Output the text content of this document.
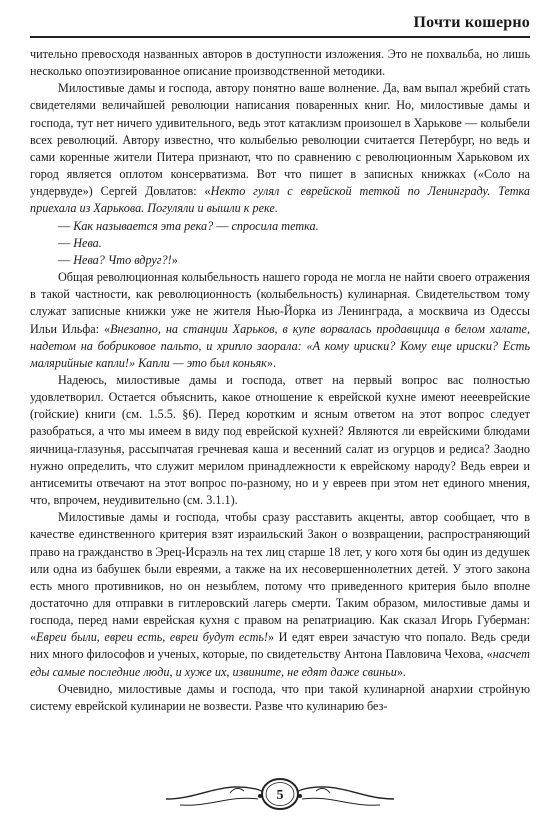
Почти кошерно

чительно превосходя названных авторов в доступности изложения. Это не похвальба, но лишь несколько опоэтизированное описание производственной методики.

Милостивые дамы и господа, автору понятно ваше волнение. Да, вам выпал жребий стать свидетелями величайшей революции написания поваренных книг. Но, милостивые дамы и господа, тут нет ничего удивительного, ведь этот катаклизм произошел в Харькове — колыбели всех революций. Автору известно, что колыбелью революции считается Петербург, но ведь и сами коренные жители Питера признают, что по сравнению с революционным Харьковом их город является оплотом консерватизма. Вот что пишет в записных книжках («Соло на ундервуде») Сергей Довлатов: «Некто гулял с еврейской теткой по Ленинграду. Тетка приехала из Харькова. Погуляли и вышли к реке.

— Как называется эта река? — спросила тетка.

— Нева.

— Нева? Что вдруг?!»

Общая революционная колыбельность нашего города не могла не найти своего отражения в такой частности, как революционность (колыбельность) кулинарная. Свидетельством тому служат записные книжки уже не жителя Нью-Йорка из Ленинграда, а москвича из Одессы Ильи Ильфа: «Внезапно, на станции Харьков, в купе ворвалась продавщица в белом халате, надетом на бобриковое пальто, и хриплo заорала: «А кому ириски? Кому еще ириски? Есть малярийные капли!» Капли — это был коньяк».

Надеюсь, милостивые дамы и господа, ответ на первый вопрос вас полностью удовлетворил. Остается объяснить, какое отношение к еврейской кухне имеют неееврейские (гойские) книги (см. 1.5.5. §6). Перед коротким и ясным ответом на этот вопрос следует разобраться, а что мы имеем в виду под еврейской кухней? Являются ли еврейскими блюдами яичница-глазунья, рассыпчатая гречневая каша и весенний салат из огурцов и редиса? Заодно нужно определить, что служит мерилом принадлежности к еврейскому народу? Ведь евреи и антисемиты отвечают на этот вопрос по-разному, но и у евреев при этом нет единого мнения, что, впрочем, неудивительно (см. 3.1.1).

Милостивые дамы и господа, чтобы сразу расставить акценты, автор сообщает, что в качестве единственного критерия взят израильский Закон о возвращении, распространяющий право на гражданство в Эрец-Исраэль на тех лиц старше 18 лет, у кого хотя бы один из дедушек или одна из бабушек были евреями, а также на их несовершеннолетних детей. У этого закона есть много противников, но он незыблем, потому что приведенного критерия было вполне достаточно для отправки в гитлеровский лагерь смерти. Таким образом, милостивые дамы и господа, перед нами еврейская кухня с правом на репатриацию. Как сказал Игорь Губерман: «Евреи были, евреи есть, евреи будут есть!» И едят евреи зачастую что попало. Ведь среди них много философов и ученых, которые, по свидетельству Антона Павловича Чехова, «насчет еды самые последние люди, и хуже их, извините, не едят даже свиньи».

Очевидно, милостивые дамы и господа, что при такой кулинарной анархии стройную систему еврейской кулинарии не возвести. Разве что кулинарию без-

5
